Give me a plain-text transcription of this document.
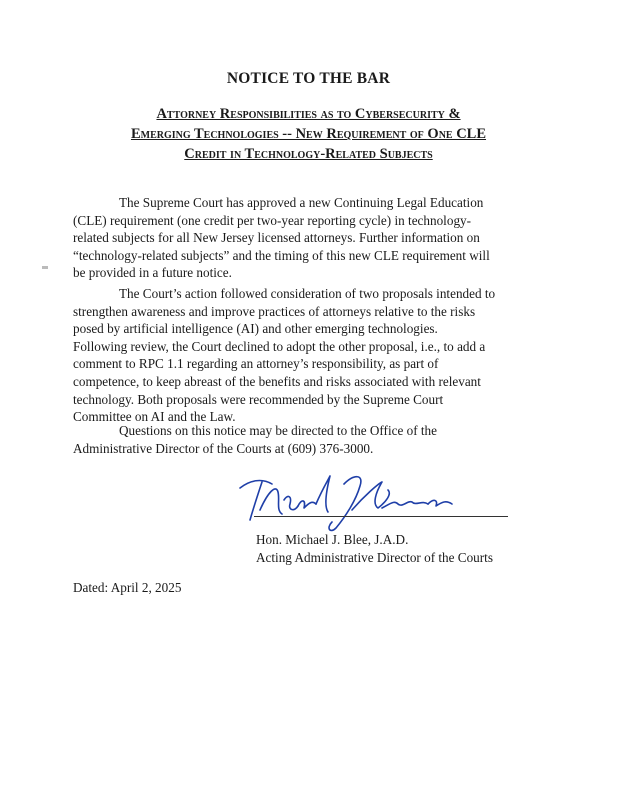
NOTICE TO THE BAR
Attorney Responsibilities as to Cybersecurity &
Emerging Technologies -- New Requirement of One CLE
Credit in Technology-Related Subjects
The Supreme Court has approved a new Continuing Legal Education
(CLE) requirement (one credit per two-year reporting cycle) in technology-
related subjects for all New Jersey licensed attorneys. Further information on
“technology-related subjects” and the timing of this new CLE requirement will
be provided in a future notice.
The Court’s action followed consideration of two proposals intended to
strengthen awareness and improve practices of attorneys relative to the risks
posed by artificial intelligence (AI) and other emerging technologies.
Following review, the Court declined to adopt the other proposal, i.e., to add a
comment to RPC 1.1 regarding an attorney’s responsibility, as part of
competence, to keep abreast of the benefits and risks associated with relevant
technology. Both proposals were recommended by the Supreme Court
Committee on AI and the Law.
Questions on this notice may be directed to the Office of the
Administrative Director of the Courts at (609) 376-3000.
Hon. Michael J. Blee, J.A.D.
Acting Administrative Director of the Courts
Dated: April 2, 2025
